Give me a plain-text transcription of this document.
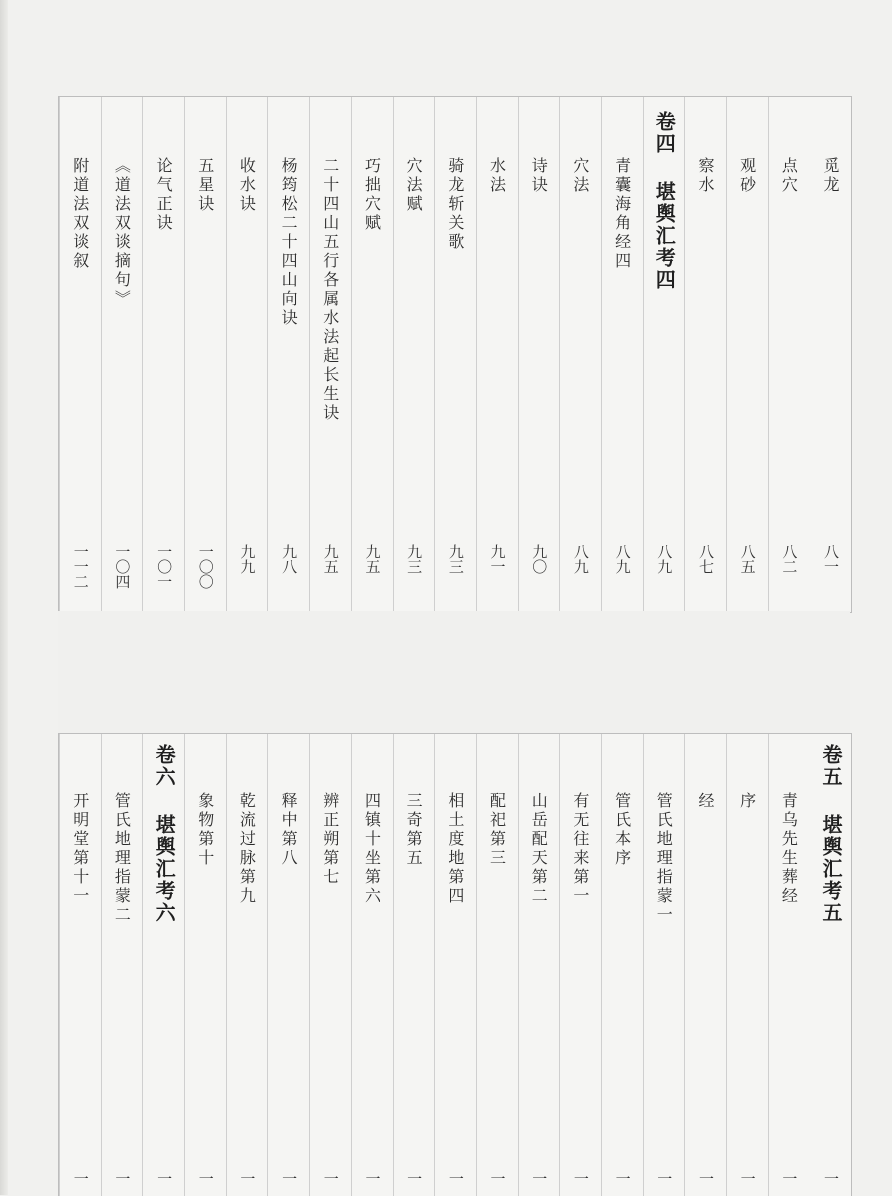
觅龙
八一
点穴
八二
观砂
八五
察水
八七
卷四 堪舆汇考四
八九
青囊海角经四
八九
穴法
八九
诗诀
九〇
水法
九一
骑龙斩关歌
九三
穴法赋
九三
巧拙穴赋
九五
二十四山五行各属水法起长生诀
九五
杨筠松二十四山向诀
九八
收水诀
九九
五星诀
一〇〇
论气正诀
一〇一
《道法双谈摘句》
一〇四
附道法双谈叙
一一二
卷五 堪舆汇考五
一
青乌先生葬经
一
序
一
经
一
管氏地理指蒙一
一
管氏本序
一
有无往来第一
一
山岳配天第二
一
配祀第三
一
相土度地第四
一
三奇第五
一
四镇十坐第六
一
辨正朔第七
一
释中第八
一
乾流过脉第九
一
象物第十
一
卷六 堪舆汇考六
一
管氏地理指蒙二
一
开明堂第十一
一
